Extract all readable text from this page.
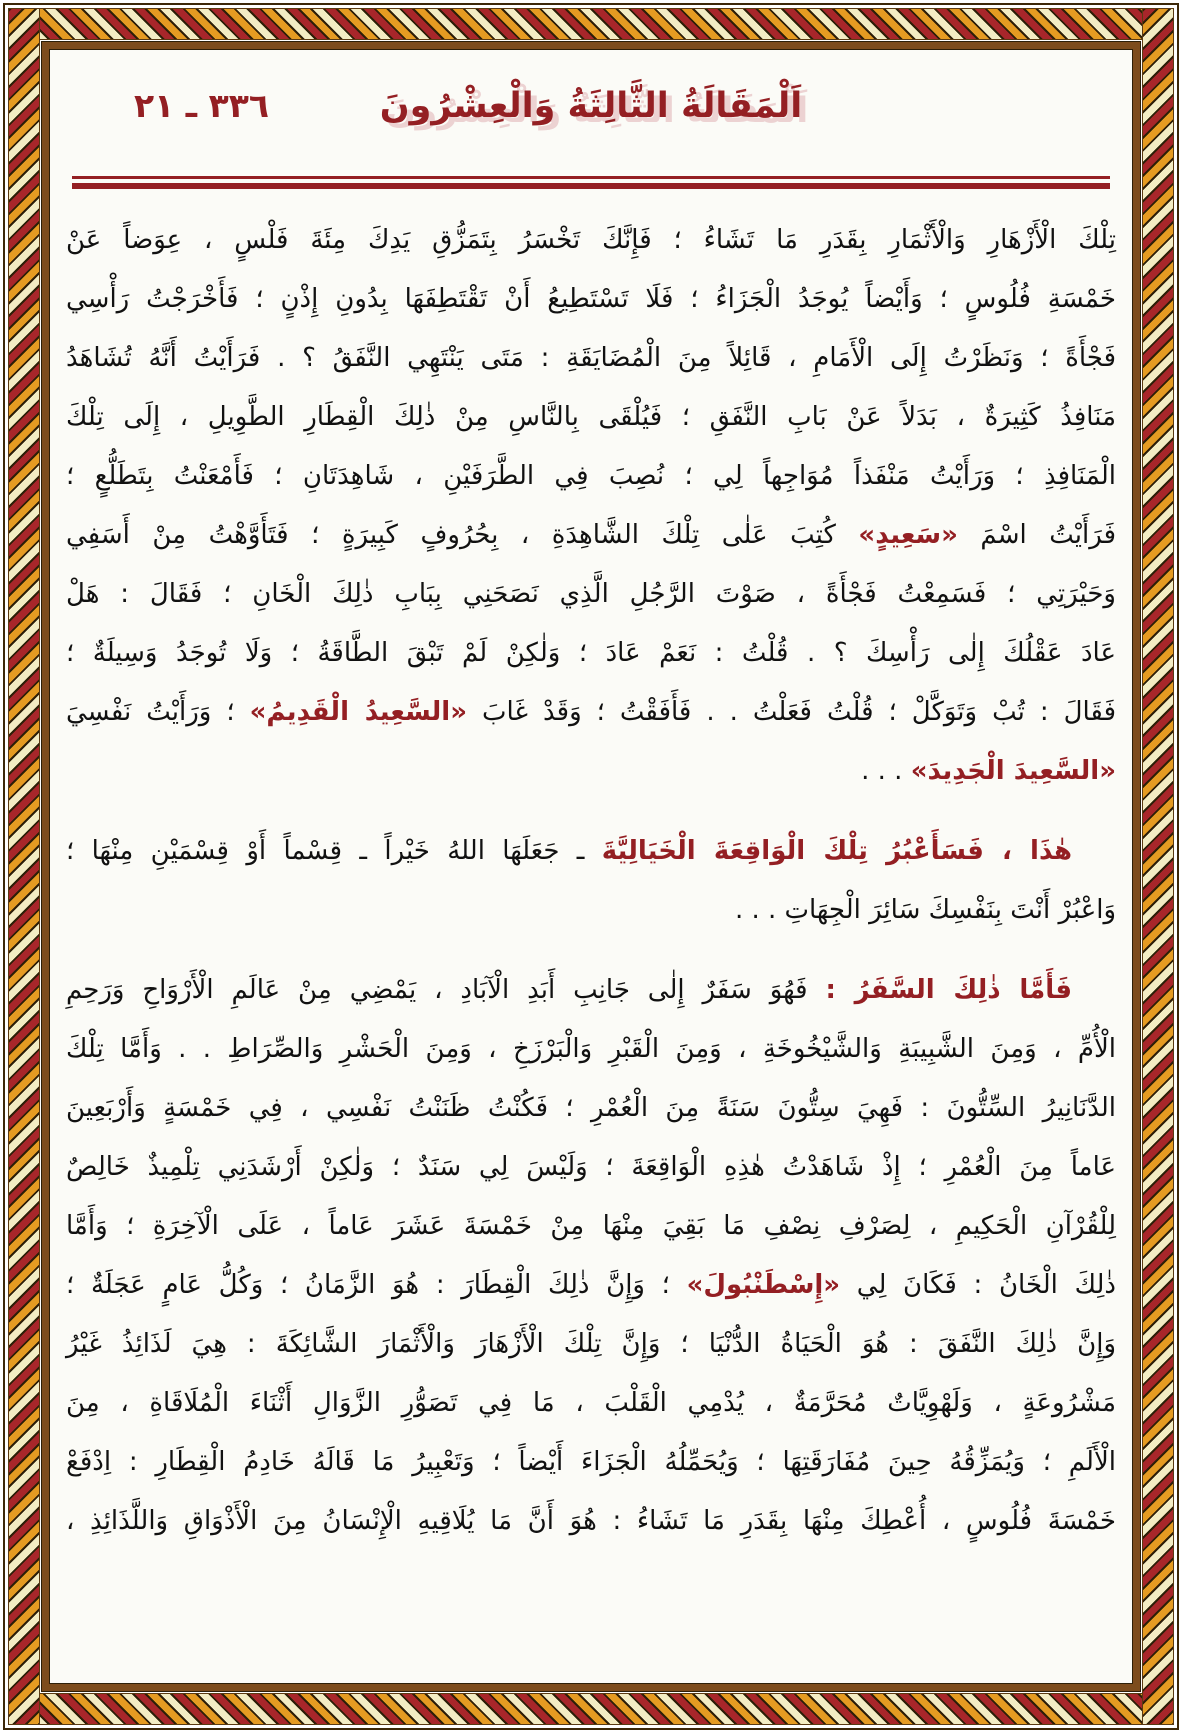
٣٣٦ ـ ٢١	اَلْمَقَالَةُ الثَّالِثَةُ وَالْعِشْرُونَ
تِلْكَ الْأَزْهَارِ وَالْأَثْمَارِ بِقَدَرِ مَا تَشَاءُ ؛ فَإِنَّكَ تَخْسَرُ بِتَمَزُّقِ يَدِكَ مِئَةَ فَلْسٍ ، عِوَضاً عَنْ
خَمْسَةِ فُلُوسٍ ؛ وَأَيْضاً يُوجَدُ الْجَزَاءُ ؛ فَلَا تَسْتَطِيعُ أَنْ تَقْتَطِفَهَا بِدُونِ إِذْنٍ ؛ فَأَخْرَجْتُ رَأْسِي
فَجْأَةً ؛ وَنَظَرْتُ إِلَى الْأَمَامِ ، قَائِلاً مِنَ الْمُضَايَقَةِ : مَتَى يَنْتَهِي النَّفَقُ ؟ . فَرَأَيْتُ أَنَّهُ تُشَاهَدُ
مَنَافِذُ كَثِيرَةٌ ، بَدَلاً عَنْ بَابِ النَّفَقِ ؛ فَيُلْقَى بِالنَّاسِ مِنْ ذٰلِكَ الْقِطَارِ الطَّوِيلِ ، إِلَى تِلْكَ
الْمَنَافِذِ ؛ وَرَأَيْتُ مَنْفَذاً مُوَاجِهاً لِي ؛ نُصِبَ فِي الطَّرَفَيْنِ ، شَاهِدَتَانِ ؛ فَأَمْعَنْتُ بِتَطَلُّعٍ ؛
فَرَأَيْتُ اسْمَ «سَعِيدٍ» كُتِبَ عَلٰى تِلْكَ الشَّاهِدَةِ ، بِحُرُوفٍ كَبِيرَةٍ ؛ فَتَأَوَّهْتُ مِنْ أَسَفِي
وَحَيْرَتِي ؛ فَسَمِعْتُ فَجْأَةً ، صَوْتَ الرَّجُلِ الَّذِي نَصَحَنِي بِبَابِ ذٰلِكَ الْخَانِ ؛ فَقَالَ : هَلْ
عَادَ عَقْلُكَ إِلٰى رَأْسِكَ ؟ . قُلْتُ : نَعَمْ عَادَ ؛ وَلٰكِنْ لَمْ تَبْقَ الطَّاقَةُ ؛ وَلَا تُوجَدُ وَسِيلَةٌ ؛
فَقَالَ : تُبْ وَتَوَكَّلْ ؛ قُلْتُ فَعَلْتُ . . فَأَفَقْتُ ؛ وَقَدْ غَابَ «السَّعِيدُ الْقَدِيمُ» ؛ وَرَأَيْتُ نَفْسِيَ
«السَّعِيدَ الْجَدِيدَ» . . .
هٰذَا ، فَسَأَعْبُرُ تِلْكَ الْوَاقِعَةَ الْخَيَالِيَّةَ ـ جَعَلَهَا اللهُ خَيْراً ـ قِسْماً أَوْ قِسْمَيْنِ مِنْهَا ؛
وَاعْبُرْ أَنْتَ بِنَفْسِكَ سَائِرَ الْجِهَاتِ . . .
فَأَمَّا ذٰلِكَ السَّفَرُ : فَهُوَ سَفَرٌ إِلٰى جَانِبِ أَبَدِ الْآبَادِ ، يَمْضِي مِنْ عَالَمِ الْأَرْوَاحِ وَرَحِمِ
الْأُمِّ ، وَمِنَ الشَّبِيبَةِ وَالشَّيْخُوخَةِ ، وَمِنَ الْقَبْرِ وَالْبَرْزَخِ ، وَمِنَ الْحَشْرِ وَالصِّرَاطِ . . وَأَمَّا تِلْكَ
الدَّنَانِيرُ السِّتُّونَ : فَهِيَ سِتُّونَ سَنَةً مِنَ الْعُمْرِ ؛ فَكُنْتُ ظَنَنْتُ نَفْسِي ، فِي خَمْسَةٍ وَأَرْبَعِينَ
عَاماً مِنَ الْعُمْرِ ؛ إِذْ شَاهَدْتُ هٰذِهِ الْوَاقِعَةَ ؛ وَلَيْسَ لِي سَنَدٌ ؛ وَلٰكِنْ أَرْشَدَنِي تِلْمِيذٌ خَالِصٌ
لِلْقُرْآنِ الْحَكِيمِ ، لِصَرْفِ نِصْفِ مَا بَقِيَ مِنْهَا مِنْ خَمْسَةَ عَشَرَ عَاماً ، عَلَى الْآخِرَةِ ؛ وَأَمَّا
ذٰلِكَ الْخَانُ : فَكَانَ لِي «إِسْطَنْبُولَ» ؛ وَإِنَّ ذٰلِكَ الْقِطَارَ : هُوَ الزَّمَانُ ؛ وَكُلُّ عَامٍ عَجَلَةٌ ؛
وَإِنَّ ذٰلِكَ النَّفَقَ : هُوَ الْحَيَاةُ الدُّنْيَا ؛ وَإِنَّ تِلْكَ الْأَزْهَارَ وَالْأَثْمَارَ الشَّائِكَةَ : هِيَ لَذَائِذُ غَيْرُ
مَشْرُوعَةٍ ، وَلَهْوِيَّاتٌ مُحَرَّمَةٌ ، يُدْمِي الْقَلْبَ ، مَا فِي تَصَوُّرِ الزَّوَالِ أَثْنَاءَ الْمُلَاقَاةِ ، مِنَ
الْأَلَمِ ؛ وَيُمَزِّقُهُ حِينَ مُفَارَقَتِهَا ؛ وَيُحَمِّلُهُ الْجَزَاءَ أَيْضاً ؛ وَتَعْبِيرُ مَا قَالَهُ خَادِمُ الْقِطَارِ : اِدْفَعْ
خَمْسَةَ فُلُوسٍ ، أُعْطِكَ مِنْهَا بِقَدَرِ مَا تَشَاءُ : هُوَ أَنَّ مَا يُلَاقِيهِ الْإِنْسَانُ مِنَ الْأَذْوَاقِ وَاللَّذَائِذِ ،
